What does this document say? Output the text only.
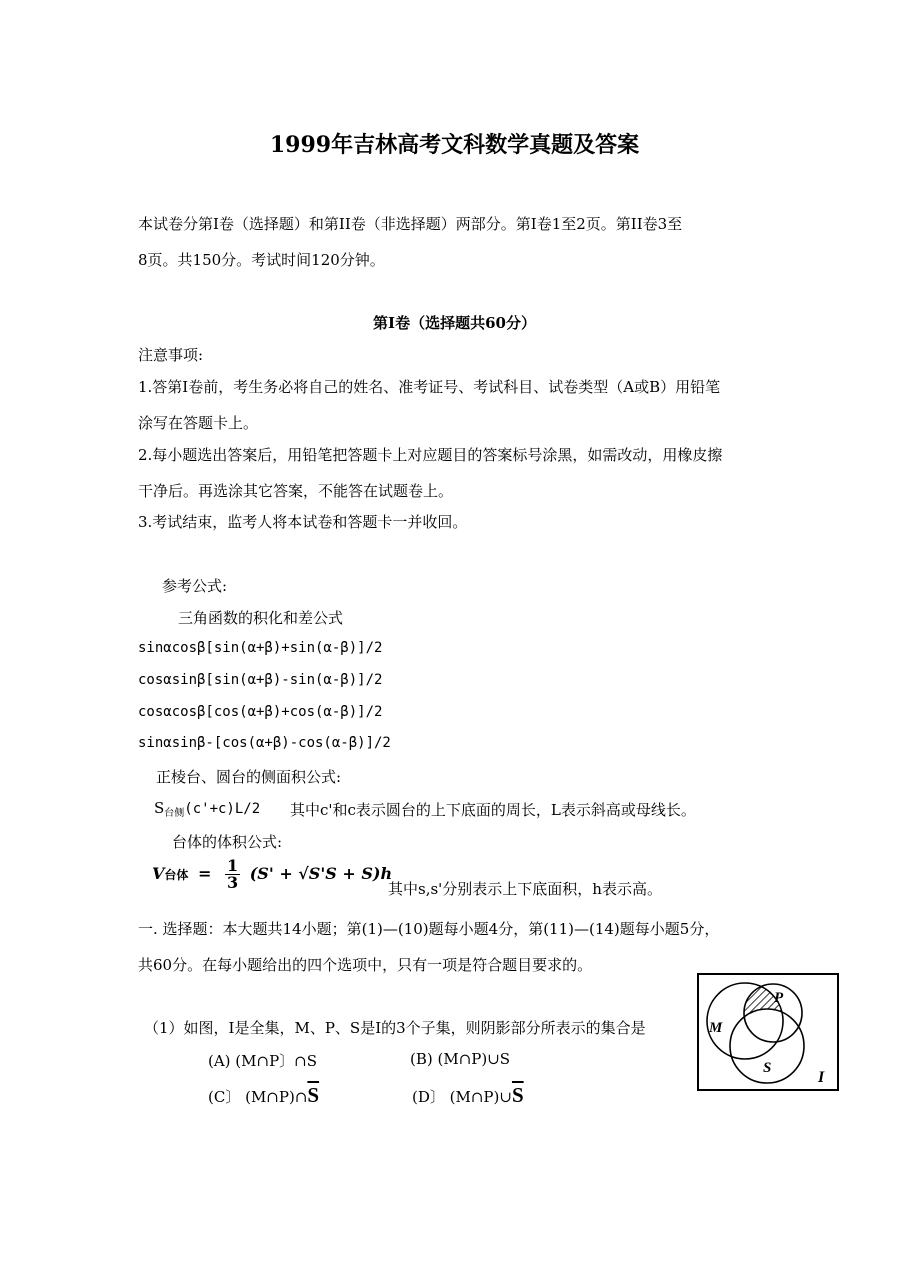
1999年吉林高考文科数学真题及答案
本试卷分第I卷（选择题）和第II卷（非选择题）两部分。第I卷1至2页。第II卷3至
8页。共150分。考试时间120分钟。
第I卷（选择题共60分）
注意事项:
1.答第I卷前，考生务必将自己的姓名、准考证号、考试科目、试卷类型（A或B）用铅笔
涂写在答题卡上。
2.每小题选出答案后，用铅笔把答题卡上对应题目的答案标号涂黑，如需改动，用橡皮擦
干净后。再选涂其它答案，不能答在试题卷上。
3.考试结束，监考人将本试卷和答题卡一并收回。
参考公式:
三角函数的积化和差公式
sinαcosβ[sin(α+β)+sin(α-β)]/2
cosαsinβ[sin(α+β)-sin(α-β)]/2
cosαcosβ[cos(α+β)+cos(α-β)]/2
sinαsinβ-[cos(α+β)-cos(α-β)]/2
正棱台、圆台的侧面积公式:
$S_{台侧}(c'+c)L/2$ 其中c'和c表示圆台的上下底面的周长，L表示斜高或母线长。
台体的体积公式:
V台体 = $\frac{1}{3} (S' + √S'S + S)h$
其中s,s'分别表示上下底面积，h表示高。
一. 选择题：本大题共14小题；第(1)—(10)题每小题4分，第(11)—(14)题每小题5分，
共60分。在每小题给出的四个选项中，只有一项是符合题目要求的。
（1）如图，I是全集，M、P、S是I的3个子集，则阴影部分所表示的集合是
(A) (M∩P〕∩S	(B) (M∩P)∪S
(C〕 $(M\cap P)\cap\overline{S}$	(D〕 $(M\cap P)\cup\overline{S}$
M
P
S
I
